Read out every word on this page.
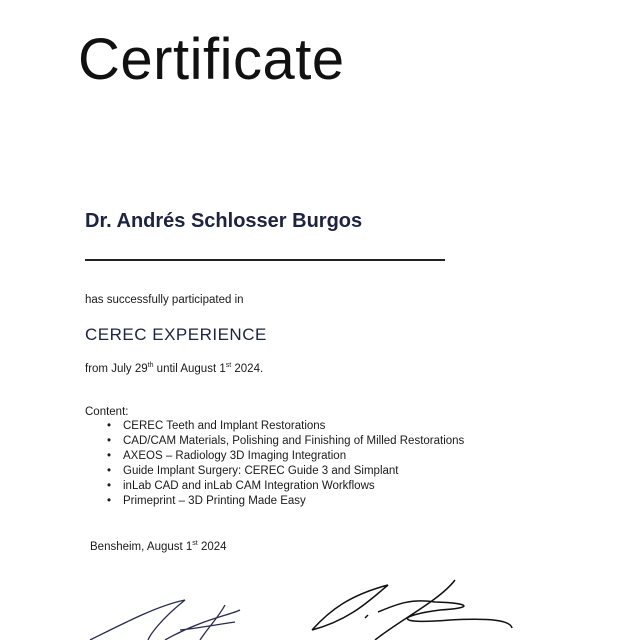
Certificate
Dr. Andrés Schlosser Burgos
has successfully participated in
CEREC EXPERIENCE
from July 29th until August 1st 2024.
Content:
• CEREC Teeth and Implant Restorations
• CAD/CAM Materials, Polishing and Finishing of Milled Restorations
• AXEOS – Radiology 3D Imaging Integration
• Guide Implant Surgery: CEREC Guide 3 and Simplant
• inLab CAD and inLab CAM Integration Workflows
• Primeprint – 3D Printing Made Easy
Bensheim, August 1st 2024
